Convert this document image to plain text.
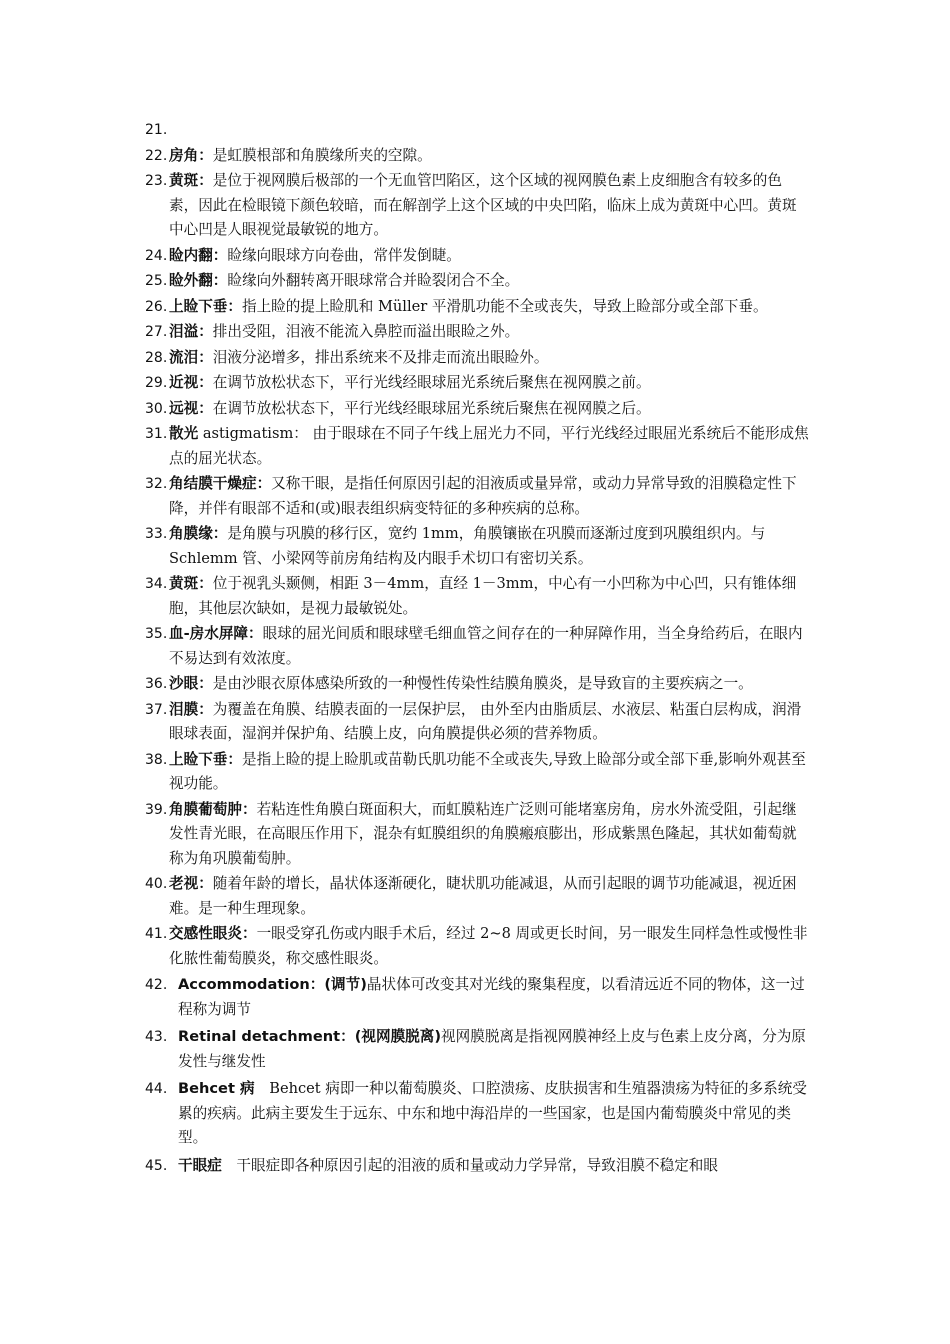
21.

22. 房角：是虹膜根部和角膜缘所夹的空隙。
23. 黄斑：是位于视网膜后极部的一个无血管凹陷区，这个区域的视网膜色素上皮细胞含有较多的色素，因此在检眼镜下颜色较暗，而在解剖学上这个区域的中央凹陷，临床上成为黄斑中心凹。黄斑中心凹是人眼视觉最敏锐的地方。
24. 睑内翻：睑缘向眼球方向卷曲，常伴发倒睫。
25. 睑外翻：睑缘向外翻转离开眼球常合并睑裂闭合不全。
26. 上睑下垂：指上睑的提上睑肌和 Müller 平滑肌功能不全或丧失，导致上睑部分或全部下垂。
27. 泪溢：排出受阻，泪液不能流入鼻腔而溢出眼睑之外。
28. 流泪：泪液分泌增多，排出系统来不及排走而流出眼睑外。
29. 近视：在调节放松状态下，平行光线经眼球屈光系统后聚焦在视网膜之前。
30. 远视：在调节放松状态下，平行光线经眼球屈光系统后聚焦在视网膜之后。
31. 散光 astigmatism： 由于眼球在不同子午线上屈光力不同，平行光线经过眼屈光系统后不能形成焦点的屈光状态。
32. 角结膜干燥症：又称干眼，是指任何原因引起的泪液质或量异常，或动力异常导致的泪膜稳定性下降，并伴有眼部不适和(或)眼表组织病变特征的多种疾病的总称。
33. 角膜缘：是角膜与巩膜的移行区，宽约 1mm，角膜镶嵌在巩膜而逐渐过度到巩膜组织内。与 Schlemm 管、小梁网等前房角结构及内眼手术切口有密切关系。
34. 黄斑：位于视乳头颞侧，相距 3－4mm，直经 1－3mm，中心有一小凹称为中心凹，只有锥体细胞，其他层次缺如，是视力最敏锐处。
35. 血-房水屏障：眼球的屈光间质和眼球壁毛细血管之间存在的一种屏障作用，当全身给药后，在眼内不易达到有效浓度。
36. 沙眼：是由沙眼衣原体感染所致的一种慢性传染性结膜角膜炎，是导致盲的主要疾病之一。
37. 泪膜：为覆盖在角膜、结膜表面的一层保护层， 由外至内由脂质层、水液层、粘蛋白层构成，润滑眼球表面，湿润并保护角、结膜上皮，向角膜提供必须的营养物质。
38. 上睑下垂：是指上睑的提上睑肌或苗勒氏肌功能不全或丧失,导致上睑部分或全部下垂,影响外观甚至视功能。
39. 角膜葡萄肿：若粘连性角膜白斑面积大，而虹膜粘连广泛则可能堵塞房角，房水外流受阻，引起继发性青光眼，在高眼压作用下，混杂有虹膜组织的角膜瘢痕膨出，形成紫黑色隆起，其状如葡萄就称为角巩膜葡萄肿。
40. 老视：随着年龄的增长，晶状体逐渐硬化，睫状肌功能减退，从而引起眼的调节功能减退，视近困难。是一种生理现象。
41. 交感性眼炎：一眼受穿孔伤或内眼手术后，经过 2~8 周或更长时间，另一眼发生同样急性或慢性非化脓性葡萄膜炎，称交感性眼炎。
42. Accommodation：(调节)晶状体可改变其对光线的聚集程度，以看清远近不同的物体，这一过程称为调节
43. Retinal detachment：(视网膜脱离)视网膜脱离是指视网膜神经上皮与色素上皮分离，分为原发性与继发性
44. Behcet 病　Behcet 病即一种以葡萄膜炎、口腔溃疡、皮肤损害和生殖器溃疡为特征的多系统受累的疾病。此病主要发生于远东、中东和地中海沿岸的一些国家，也是国内葡萄膜炎中常见的类型。
45. 干眼症　干眼症即各种原因引起的泪液的质和量或动力学异常，导致泪膜不稳定和眼
